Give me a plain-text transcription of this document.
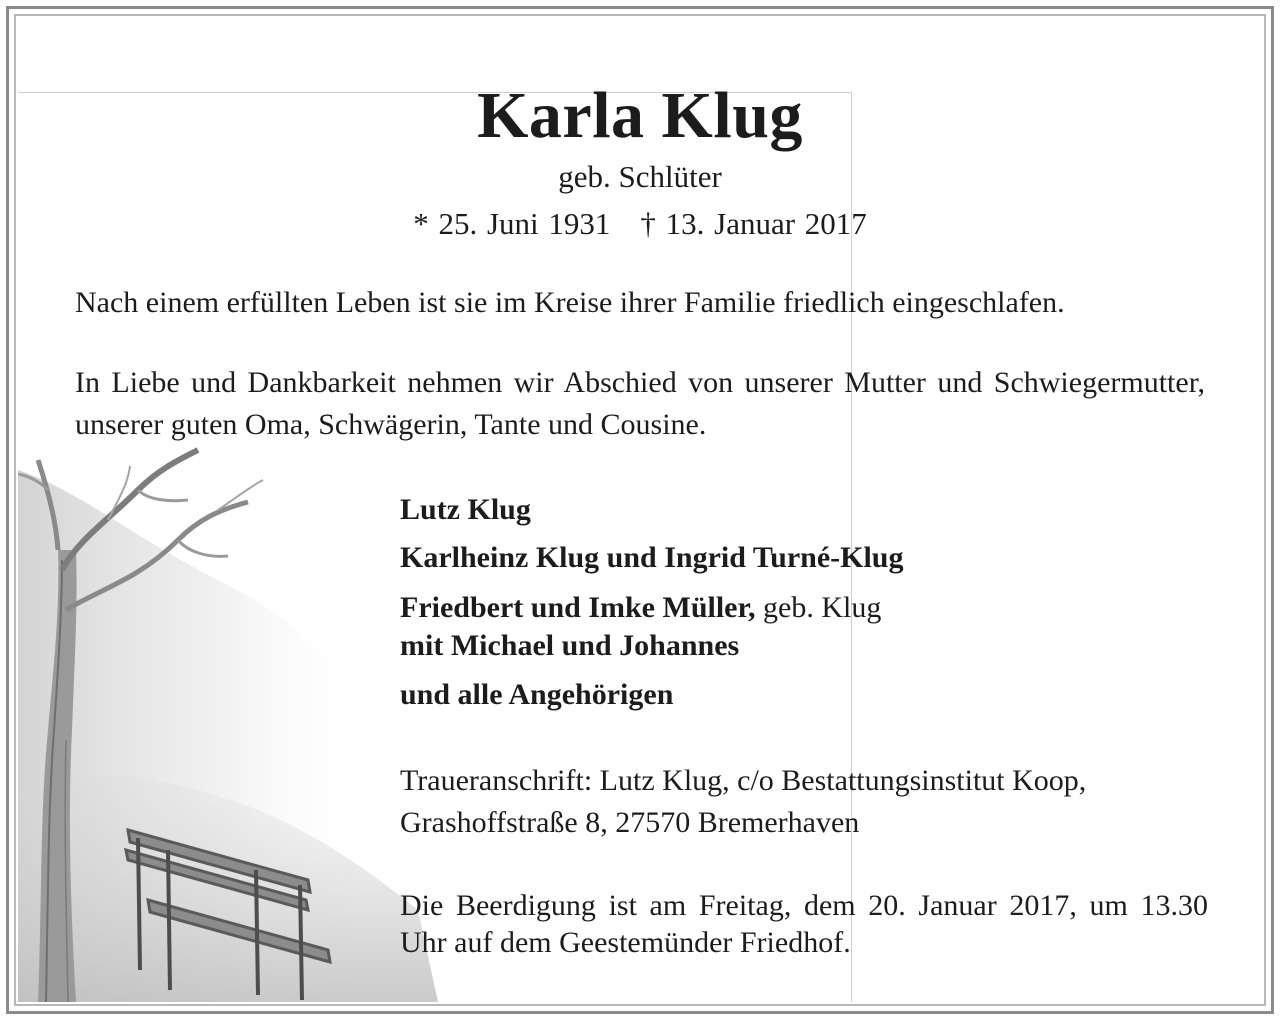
Karla Klug
geb. Schlüter
* 25. Juni 1931 † 13. Januar 2017
Nach einem erfüllten Leben ist sie im Kreise ihrer Familie friedlich eingeschlafen.
In Liebe und Dankbarkeit nehmen wir Abschied von unserer Mutter und Schwiegermutter, unserer guten Oma, Schwägerin, Tante und Cousine.
Lutz Klug
Karlheinz Klug und Ingrid Turné-Klug
Friedbert und Imke Müller, geb. Klug
mit Michael und Johannes
und alle Angehörigen
Traueranschrift: Lutz Klug, c/o Bestattungsinstitut Koop,
Grashoffstraße 8, 27570 Bremerhaven
Die Beerdigung ist am Freitag, dem 20. Januar 2017, um 13.30 Uhr auf dem Geestemünder Friedhof.
